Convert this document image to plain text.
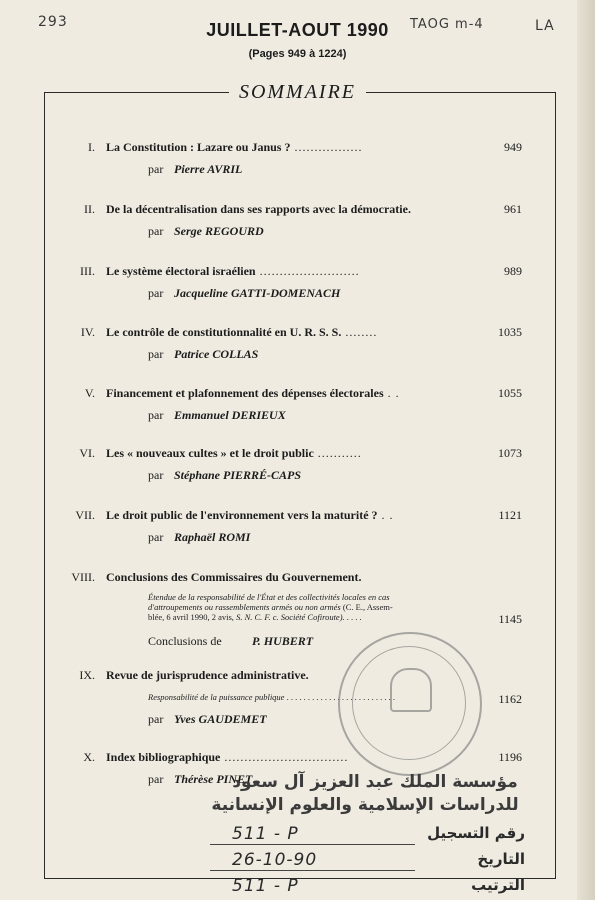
293	TAOG m-4	LA
JUILLET-AOUT 1990
(Pages 949 à 1224)
SOMMAIRE
I. La Constitution : Lazare ou Janus ? .................	949
par Pierre AVRIL
II. De la décentralisation dans ses rapports avec la démocratie.	961
par Serge REGOURD
III. Le système électoral israélien .........................	989
par Jacqueline GATTI-DOMENACH
IV. Le contrôle de constitutionnalité en U. R. S. S. ........	1035
par Patrice COLLAS
V. Financement et plafonnement des dépenses électorales . .	1055
par Emmanuel DERIEUX
VI. Les « nouveaux cultes » et le droit public ...........	1073
par Stéphane PIERRÉ-CAPS
VII. Le droit public de l'environnement vers la maturité ? . .	1121
par Raphaël ROMI
VIII. Conclusions des Commissaires du Gouvernement.
Étendue de la responsabilité de l'État et des collectivités locales en cas
d'attroupements ou rassemblements armés ou non armés (C. E., Assem-
blée, 6 avril 1990, 2 avis, S. N. C. F. c. Société Cofiroute). . . . .	1145
Conclusions de	P. HUBERT
IX. Revue de jurisprudence administrative.
Responsabilité de la puissance publique . . . . . . . . . . . . . . . . . . . . . . . . . .	1162
par Yves GAUDEMET
X. Index bibliographique ...............................	1196
par Thérèse PINET
مؤسسة الملك عبد العزيز آل سعود
للدراسات الإسلامية والعلوم الإنسانية
511 - P	رقم التسجيل
26-10-90	التاريخ
511 - P	الترتيب
